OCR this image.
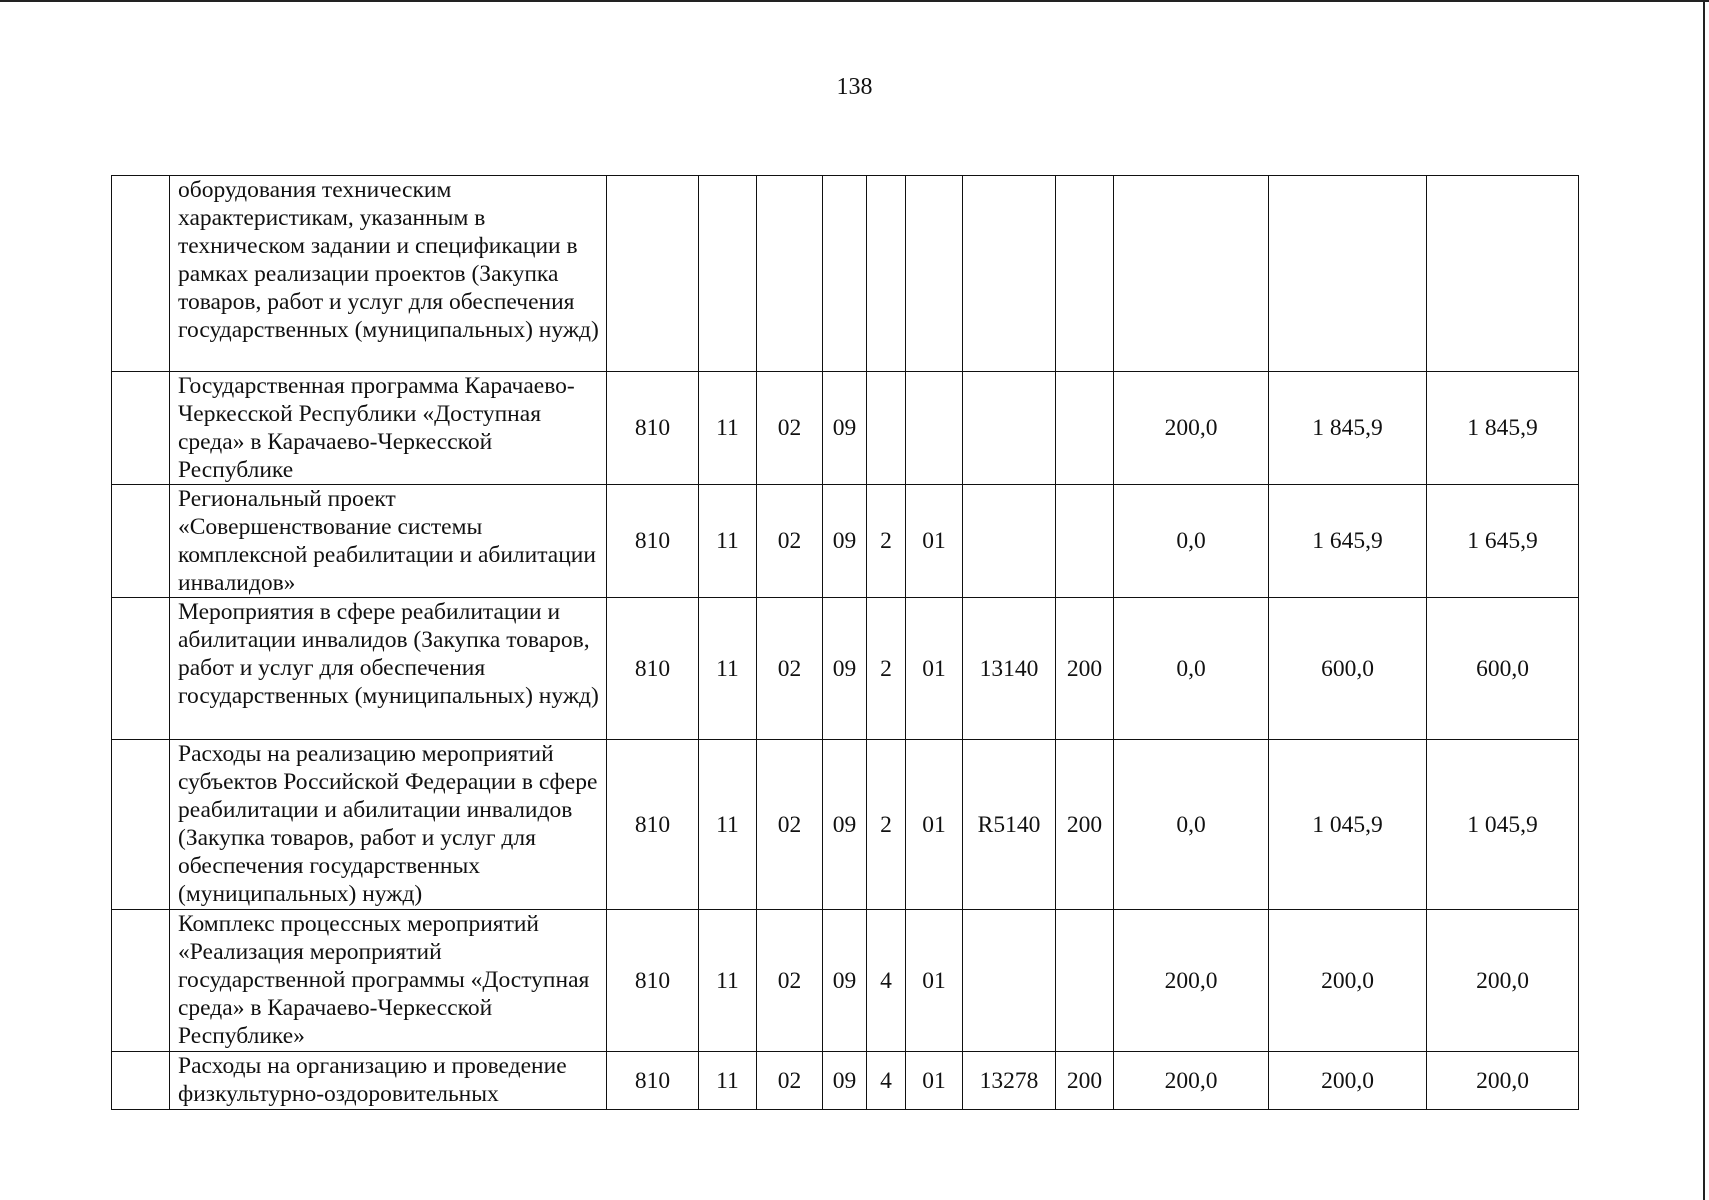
138
	оборудования техническим характеристикам, указанным в техническом задании и спецификации в рамках реализации проектов (Закупка товаров, работ и услуг для обеспечения государственных (муниципальных) нужд)											
	Государственная программа Карачаево-Черкесской Республики «Доступная среда» в Карачаево-Черкесской Республике	810	11	02	09					200,0	1 845,9	1 845,9
	Региональный проект «Совершенствование системы комплексной реабилитации и абилитации инвалидов»	810	11	02	09	2	01			0,0	1 645,9	1 645,9
	Мероприятия в сфере реабилитации и абилитации инвалидов (Закупка товаров, работ и услуг для обеспечения государственных (муниципальных) нужд)	810	11	02	09	2	01	13140	200	0,0	600,0	600,0
	Расходы на реализацию мероприятий субъектов Российской Федерации в сфере реабилитации и абилитации инвалидов (Закупка товаров, работ и услуг для обеспечения государственных (муниципальных) нужд)	810	11	02	09	2	01	R5140	200	0,0	1 045,9	1 045,9
	Комплекс процессных мероприятий «Реализация мероприятий государственной программы «Доступная среда» в Карачаево-Черкесской Республике»	810	11	02	09	4	01			200,0	200,0	200,0
	Расходы на организацию и проведение физкультурно-оздоровительных	810	11	02	09	4	01	13278	200	200,0	200,0	200,0
